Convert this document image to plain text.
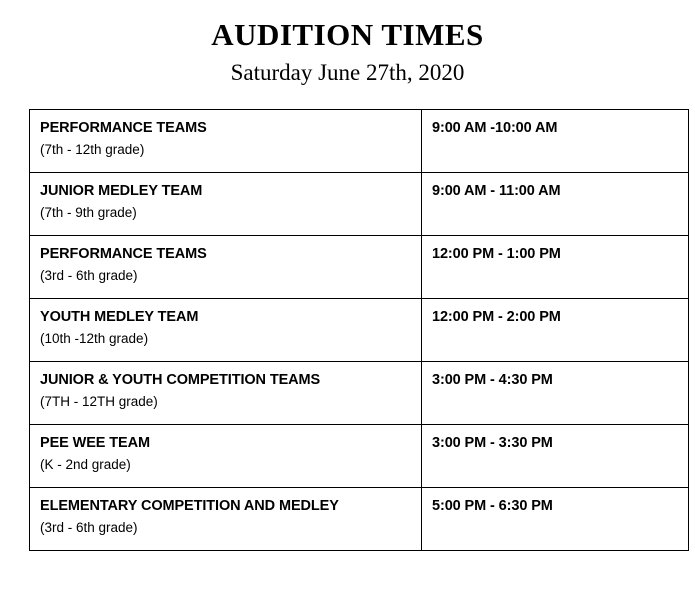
AUDITION TIMES
Saturday June 27th, 2020
PERFORMANCE TEAMS
(7th - 12th grade)	9:00 AM -10:00 AM

JUNIOR MEDLEY TEAM
(7th - 9th grade)	9:00 AM - 11:00 AM

PERFORMANCE TEAMS
(3rd - 6th grade)	12:00 PM - 1:00 PM

YOUTH MEDLEY TEAM
(10th -12th grade)	12:00 PM - 2:00 PM

JUNIOR & YOUTH COMPETITION TEAMS
(7TH - 12TH grade)	3:00 PM - 4:30 PM

PEE WEE TEAM
(K - 2nd grade)	3:00 PM - 3:30 PM

ELEMENTARY COMPETITION AND MEDLEY
(3rd - 6th grade)	5:00 PM - 6:30 PM
